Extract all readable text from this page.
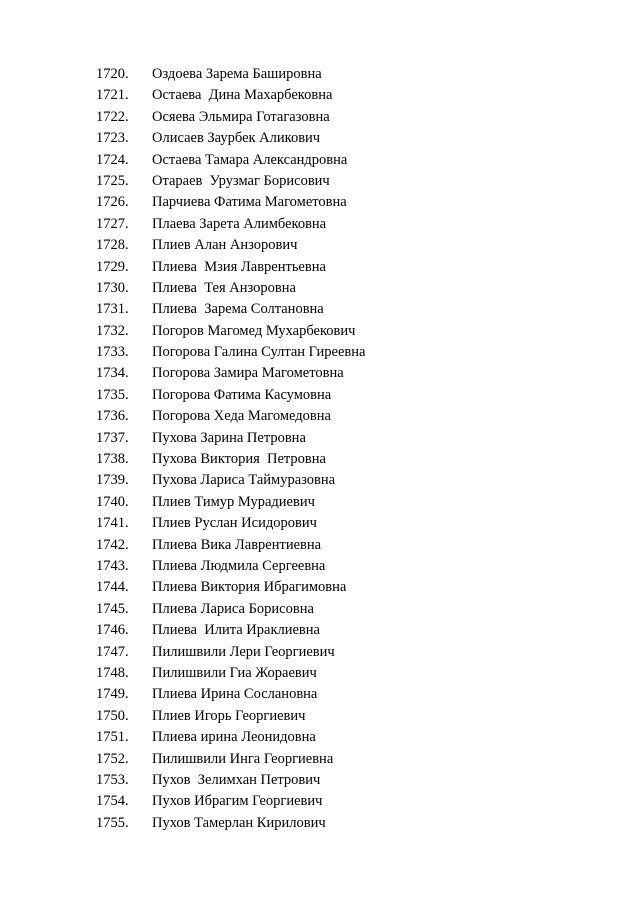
1720.	Оздоева Зарема Башировна
1721.	Остаева  Дина Махарбековна
1722.	Осяева Эльмира Готагазовна
1723.	Олисаев Заурбек Аликович
1724.	Остаева Тамара Александровна
1725.	Отараев  Урузмаг Борисович
1726.	Парчиева Фатима Магометовна
1727.	Плаева Зарета Алимбековна
1728.	Плиев Алан Анзорович
1729.	Плиева  Мзия Лаврентьевна
1730.	Плиева  Тея Анзоровна
1731.	Плиева  Зарема Солтановна
1732.	Погоров Магомед Мухарбекович
1733.	Погорова Галина Султан Гиреевна
1734.	Погорова Замира Магометовна
1735.	Погорова Фатима Касумовна
1736.	Погорова Хеда Магомедовна
1737.	Пухова Зарина Петровна
1738.	Пухова Виктория  Петровна
1739.	Пухова Лариса Таймуразовна
1740.	Плиев Тимур Мурадиевич
1741.	Плиев Руслан Исидорович
1742.	Плиева Вика Лаврентиевна
1743.	Плиева Людмила Сергеевна
1744.	Плиева Виктория Ибрагимовна
1745.	Плиева Лариса Борисовна
1746.	Плиева  Илита Ираклиевна
1747.	Пилишвили Лери Георгиевич
1748.	Пилишвили Гиа Жораевич
1749.	Плиева Ирина Сослановна
1750.	Плиев Игорь Георгиевич
1751.	Плиева ирина Леонидовна
1752.	Пилишвили Инга Георгиевна
1753.	Пухов  Зелимхан Петрович
1754.	Пухов Ибрагим Георгиевич
1755.	Пухов Тамерлан Кирилович
